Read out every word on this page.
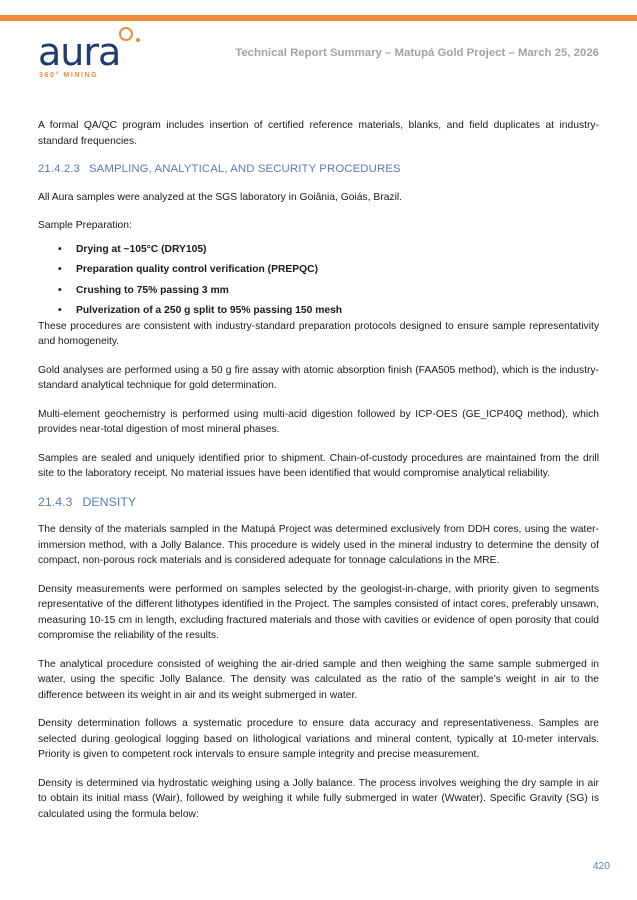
aura
360° MINING
Technical Report Summary – Matupá Gold Project – March 25, 2026

A formal QA/QC program includes insertion of certified reference materials, blanks, and field duplicates at industry-standard frequencies.

21.4.2.3 SAMPLING, ANALYTICAL, AND SECURITY PROCEDURES

All Aura samples were analyzed at the SGS laboratory in Goiânia, Goiás, Brazil.

Sample Preparation:

• Drying at ~105°C (DRY105)
• Preparation quality control verification (PREPQC)
• Crushing to 75% passing 3 mm
• Pulverization of a 250 g split to 95% passing 150 mesh

These procedures are consistent with industry-standard preparation protocols designed to ensure sample representativity and homogeneity.

Gold analyses are performed using a 50 g fire assay with atomic absorption finish (FAA505 method), which is the industry-standard analytical technique for gold determination.

Multi-element geochemistry is performed using multi-acid digestion followed by ICP-OES (GE_ICP40Q method), which provides near-total digestion of most mineral phases.

Samples are sealed and uniquely identified prior to shipment. Chain-of-custody procedures are maintained from the drill site to the laboratory receipt. No material issues have been identified that would compromise analytical reliability.

21.4.3 DENSITY

The density of the materials sampled in the Matupá Project was determined exclusively from DDH cores, using the water-immersion method, with a Jolly Balance. This procedure is widely used in the mineral industry to determine the density of compact, non-porous rock materials and is considered adequate for tonnage calculations in the MRE.

Density measurements were performed on samples selected by the geologist-in-charge, with priority given to segments representative of the different lithotypes identified in the Project. The samples consisted of intact cores, preferably unsawn, measuring 10-15 cm in length, excluding fractured materials and those with cavities or evidence of open porosity that could compromise the reliability of the results.

The analytical procedure consisted of weighing the air-dried sample and then weighing the same sample submerged in water, using the specific Jolly Balance. The density was calculated as the ratio of the sample’s weight in air to the difference between its weight in air and its weight submerged in water.

Density determination follows a systematic procedure to ensure data accuracy and representativeness. Samples are selected during geological logging based on lithological variations and mineral content, typically at 10-meter intervals. Priority is given to competent rock intervals to ensure sample integrity and precise measurement.

Density is determined via hydrostatic weighing using a Jolly balance. The process involves weighing the dry sample in air to obtain its initial mass (Wair), followed by weighing it while fully submerged in water (Wwater). Specific Gravity (SG) is calculated using the formula below:

420
